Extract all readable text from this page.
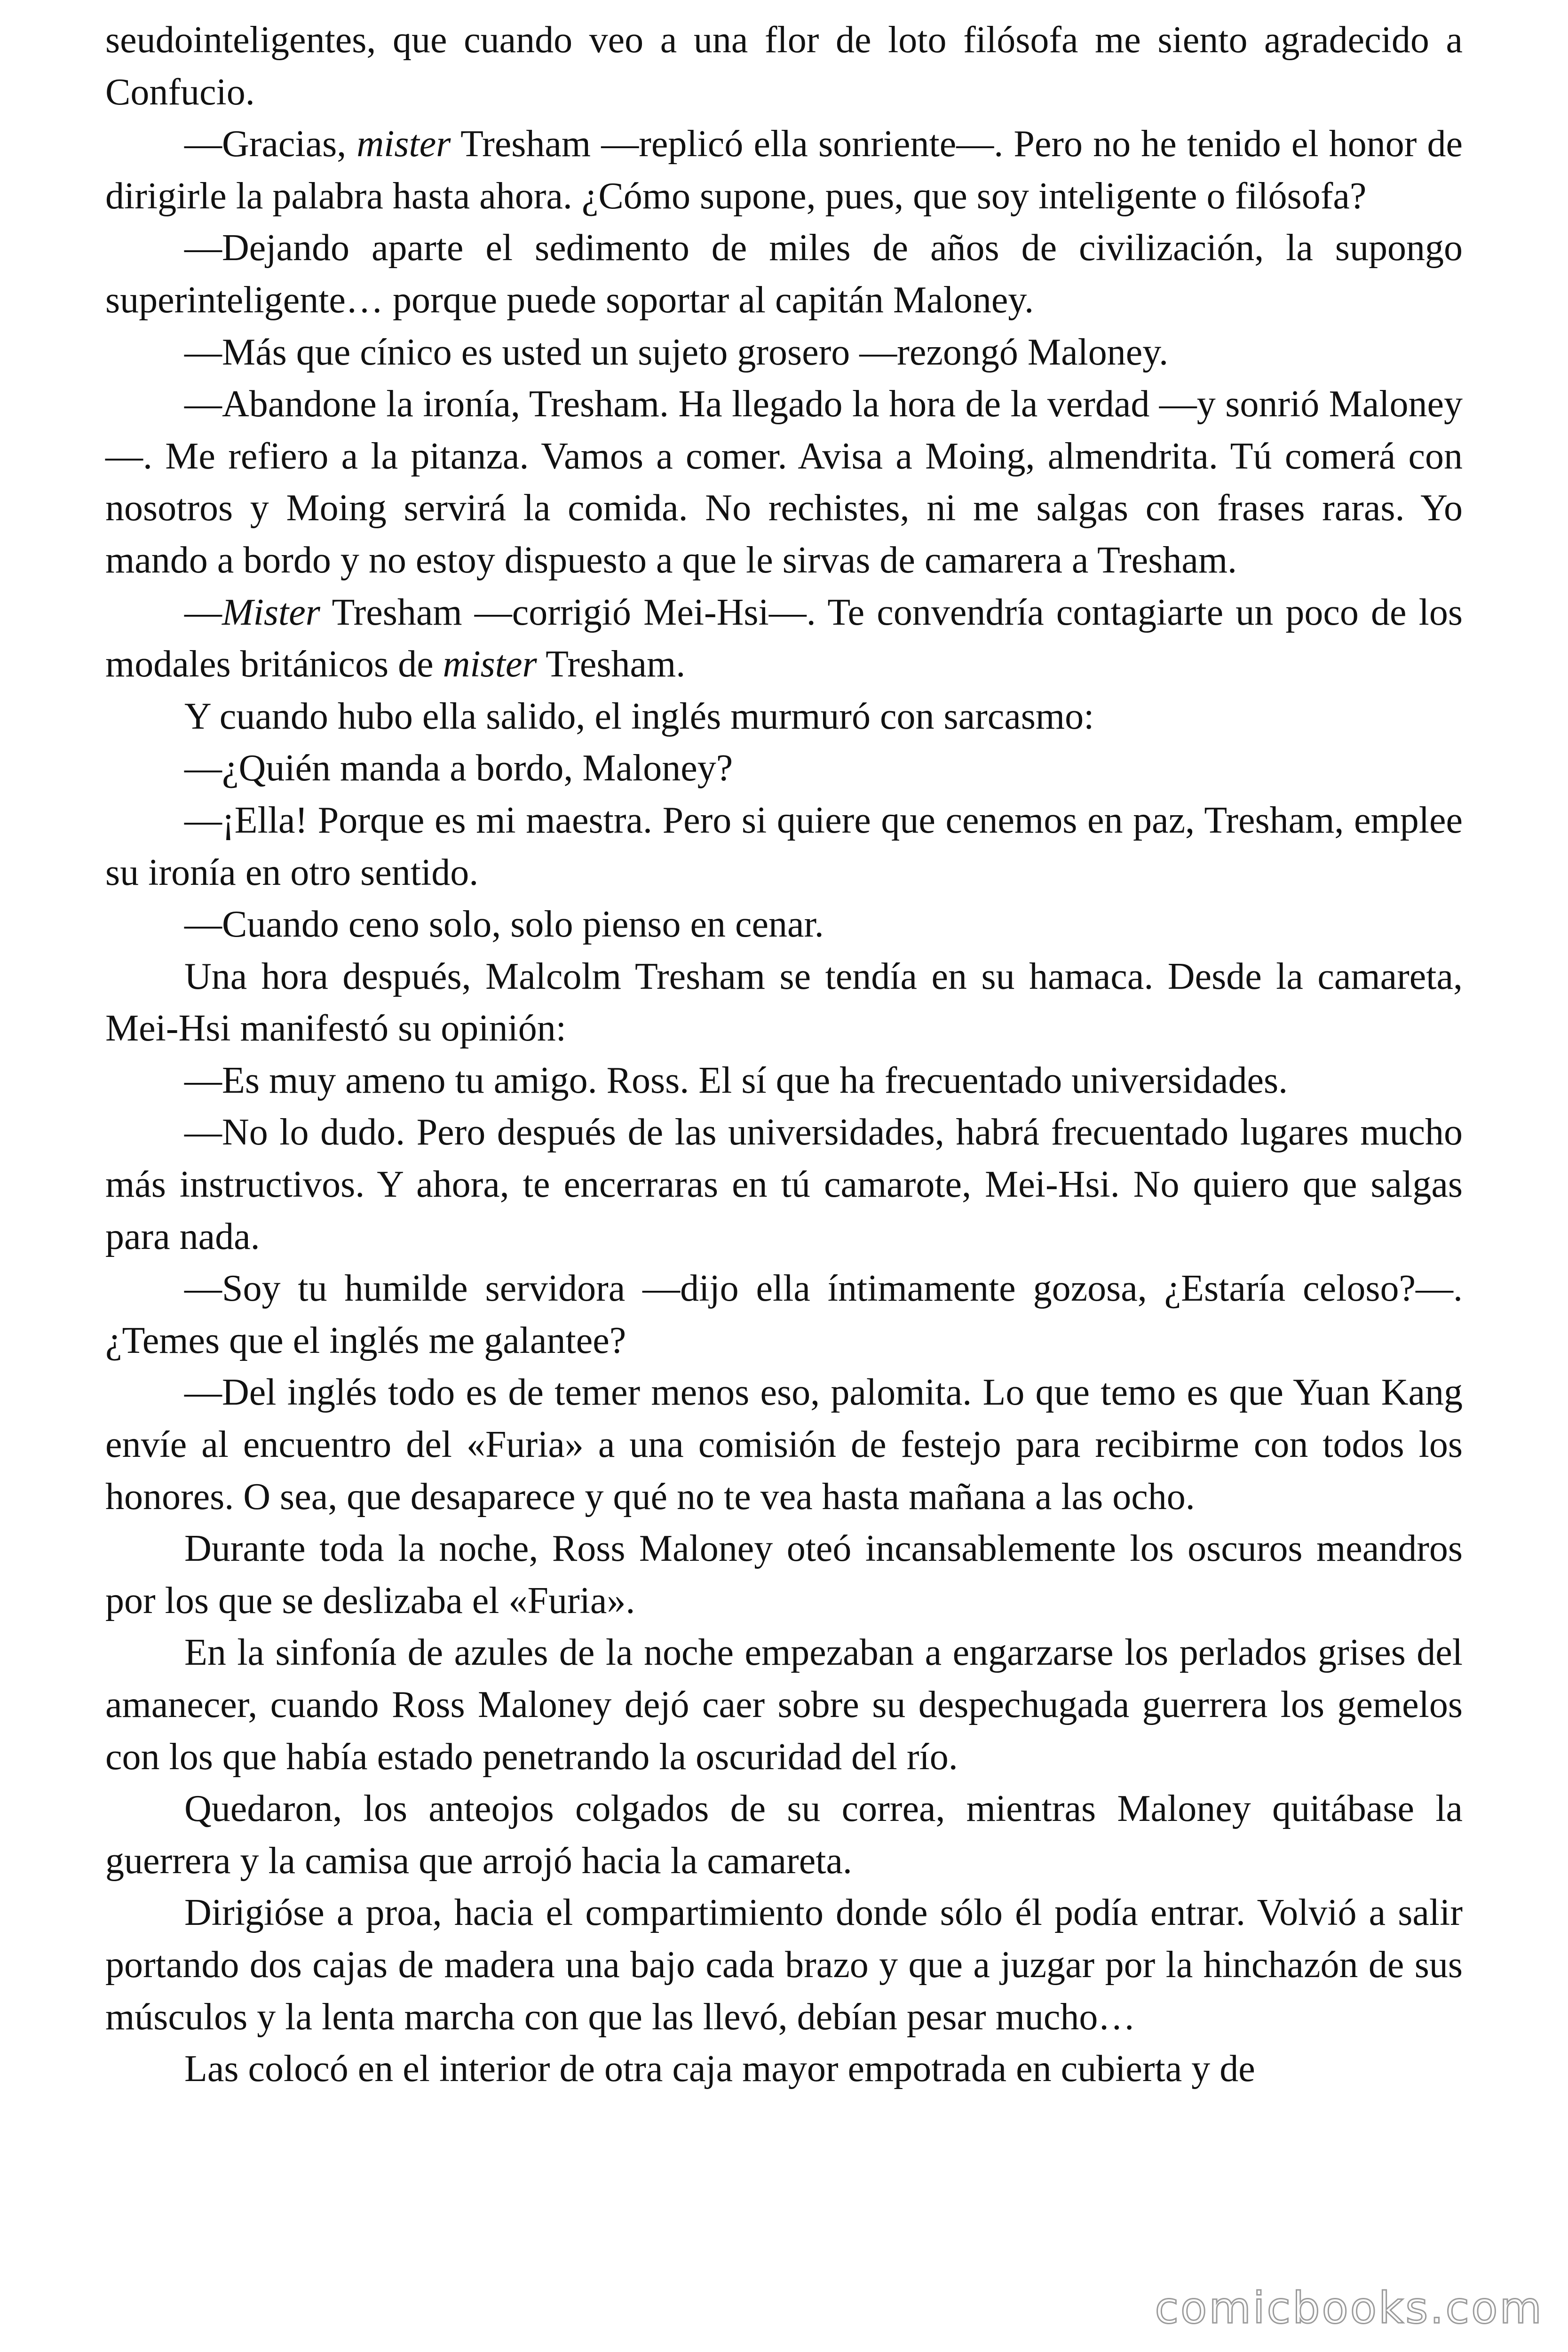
seudointeligentes, que cuando veo a una flor de loto filósofa me siento agradecido a Confucio.

—Gracias, mister Tresham —replicó ella sonriente—. Pero no he tenido el honor de dirigirle la palabra hasta ahora. ¿Cómo supone, pues, que soy inteligente o filósofa?

—Dejando aparte el sedimento de miles de años de civilización, la supongo superinteligente… porque puede soportar al capitán Maloney.

—Más que cínico es usted un sujeto grosero —rezongó Maloney.

—Abandone la ironía, Tresham. Ha llegado la hora de la verdad —y sonrió Maloney—. Me refiero a la pitanza. Vamos a comer. Avisa a Moing, almendrita. Tú comerá con nosotros y Moing servirá la comida. No rechistes, ni me salgas con frases raras. Yo mando a bordo y no estoy dispuesto a que le sirvas de camarera a Tresham.

—Mister Tresham —corrigió Mei-Hsi—. Te convendría contagiarte un poco de los modales británicos de mister Tresham.

Y cuando hubo ella salido, el inglés murmuró con sarcasmo:

—¿Quién manda a bordo, Maloney?

—¡Ella! Porque es mi maestra. Pero si quiere que cenemos en paz, Tresham, emplee su ironía en otro sentido.

—Cuando ceno solo, solo pienso en cenar.

Una hora después, Malcolm Tresham se tendía en su hamaca. Desde la camareta, Mei-Hsi manifestó su opinión:

—Es muy ameno tu amigo. Ross. El sí que ha frecuentado universidades.

—No lo dudo. Pero después de las universidades, habrá frecuentado lugares mucho más instructivos. Y ahora, te encerraras en tú camarote, Mei-Hsi. No quiero que salgas para nada.

—Soy tu humilde servidora —dijo ella íntimamente gozosa, ¿Estaría celoso?—. ¿Temes que el inglés me galantee?

—Del inglés todo es de temer menos eso, palomita. Lo que temo es que Yuan Kang envíe al encuentro del «Furia» a una comisión de festejo para recibirme con todos los honores. O sea, que desaparece y qué no te vea hasta mañana a las ocho.

Durante toda la noche, Ross Maloney oteó incansablemente los oscuros meandros por los que se deslizaba el «Furia».

En la sinfonía de azules de la noche empezaban a engarzarse los perlados grises del amanecer, cuando Ross Maloney dejó caer sobre su despechugada guerrera los gemelos con los que había estado penetrando la oscuridad del río.

Quedaron, los anteojos colgados de su correa, mientras Maloney quitábase la guerrera y la camisa que arrojó hacia la camareta.

Dirigióse a proa, hacia el compartimiento donde sólo él podía entrar. Volvió a salir portando dos cajas de madera una bajo cada brazo y que a juzgar por la hinchazón de sus músculos y la lenta marcha con que las llevó, debían pesar mucho…

Las colocó en el interior de otra caja mayor empotrada en cubierta y de

comicbooks.com
